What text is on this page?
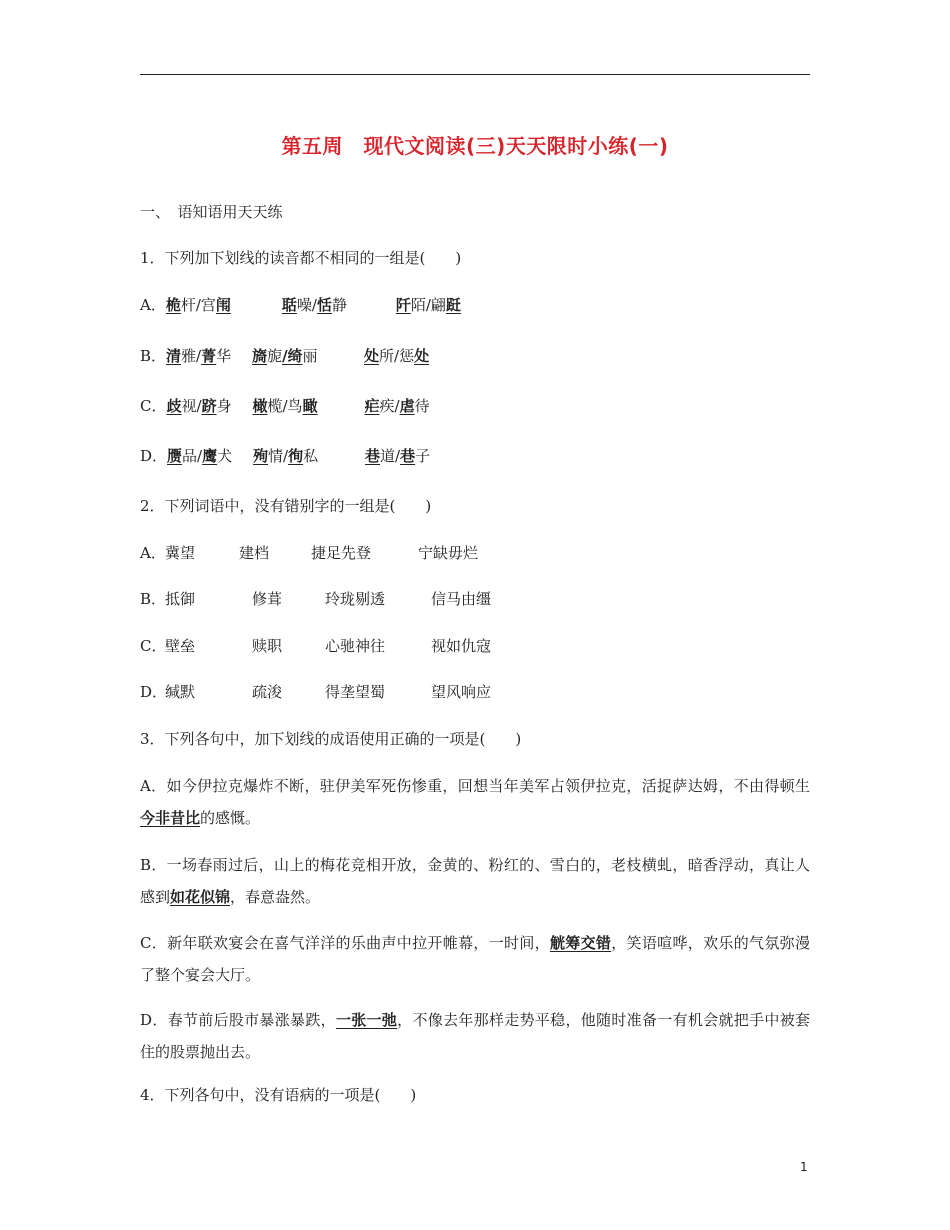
第五周　现代文阅读(三)天天限时小练(一)
一、　语知语用天天练
1．下列加下划线的读音都不相同的一组是(　　)
A．桅杆/宫闱	聒噪/恬静	阡陌/翩跹
B．清雅/菁华 旖旎/绮丽	处所/惩处
C．歧视/跻身 橄榄/鸟瞰	疟疾/虐待
D．赝品/鹰犬 殉情/徇私	巷道/巷子
2．下列词语中，没有错别字的一组是(　　)
A．冀望	建档	捷足先登	宁缺毋烂
B．抵御	修葺	玲珑剔透	信马由缰
C．壁垒	赎职	心驰神往	视如仇寇
D．缄默	疏浚	得垄望蜀	望风响应
3．下列各句中，加下划线的成语使用正确的一项是(　　)
A．如今伊拉克爆炸不断，驻伊美军死伤惨重，回想当年美军占领伊拉克，活捉萨达姆，不由得顿生今非昔比的感慨。
B．一场春雨过后，山上的梅花竞相开放，金黄的、粉红的、雪白的，老枝横虬，暗香浮动，真让人感到如花似锦，春意盎然。
C．新年联欢宴会在喜气洋洋的乐曲声中拉开帷幕，一时间，觥筹交错，笑语喧哗，欢乐的气氛弥漫了整个宴会大厅。
D．春节前后股市暴涨暴跌，一张一弛，不像去年那样走势平稳，他随时准备一有机会就把手中被套住的股票抛出去。
4．下列各句中，没有语病的一项是(　　)
1
